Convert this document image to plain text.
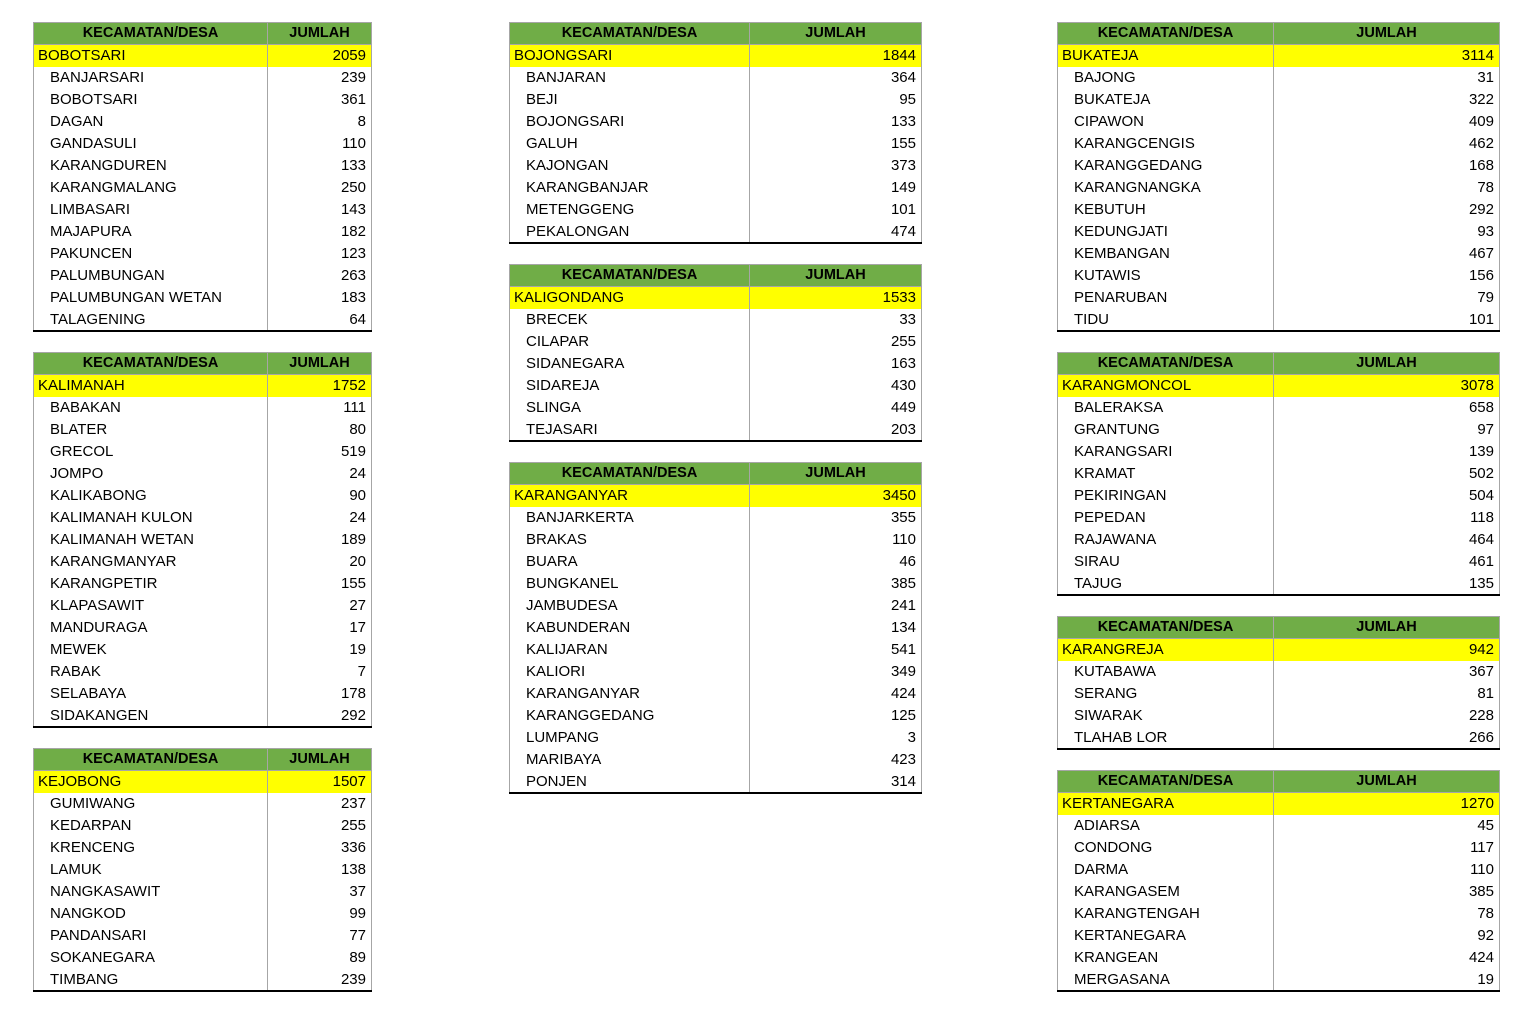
KECAMATAN/DESA	JUMLAH
BOBOTSARI	2059
BANJARSARI	239
BOBOTSARI	361
DAGAN	8
GANDASULI	110
KARANGDUREN	133
KARANGMALANG	250
LIMBASARI	143
MAJAPURA	182
PAKUNCEN	123
PALUMBUNGAN	263
PALUMBUNGAN WETAN	183
TALAGENING	64
KECAMATAN/DESA	JUMLAH
KALIMANAH	1752
BABAKAN	111
BLATER	80
GRECOL	519
JOMPO	24
KALIKABONG	90
KALIMANAH KULON	24
KALIMANAH WETAN	189
KARANGMANYAR	20
KARANGPETIR	155
KLAPASAWIT	27
MANDURAGA	17
MEWEK	19
RABAK	7
SELABAYA	178
SIDAKANGEN	292
KECAMATAN/DESA	JUMLAH
KEJOBONG	1507
GUMIWANG	237
KEDARPAN	255
KRENCENG	336
LAMUK	138
NANGKASAWIT	37
NANGKOD	99
PANDANSARI	77
SOKANEGARA	89
TIMBANG	239
KECAMATAN/DESA	JUMLAH
BOJONGSARI	1844
BANJARAN	364
BEJI	95
BOJONGSARI	133
GALUH	155
KAJONGAN	373
KARANGBANJAR	149
METENGGENG	101
PEKALONGAN	474
KECAMATAN/DESA	JUMLAH
KALIGONDANG	1533
BRECEK	33
CILAPAR	255
SIDANEGARA	163
SIDAREJA	430
SLINGA	449
TEJASARI	203
KECAMATAN/DESA	JUMLAH
KARANGANYAR	3450
BANJARKERTA	355
BRAKAS	110
BUARA	46
BUNGKANEL	385
JAMBUDESA	241
KABUNDERAN	134
KALIJARAN	541
KALIORI	349
KARANGANYAR	424
KARANGGEDANG	125
LUMPANG	3
MARIBAYA	423
PONJEN	314
KECAMATAN/DESA	JUMLAH
BUKATEJA	3114
BAJONG	31
BUKATEJA	322
CIPAWON	409
KARANGCENGIS	462
KARANGGEDANG	168
KARANGNANGKA	78
KEBUTUH	292
KEDUNGJATI	93
KEMBANGAN	467
KUTAWIS	156
PENARUBAN	79
TIDU	101
KECAMATAN/DESA	JUMLAH
KARANGMONCOL	3078
BALERAKSA	658
GRANTUNG	97
KARANGSARI	139
KRAMAT	502
PEKIRINGAN	504
PEPEDAN	118
RAJAWANA	464
SIRAU	461
TAJUG	135
KECAMATAN/DESA	JUMLAH
KARANGREJA	942
KUTABAWA	367
SERANG	81
SIWARAK	228
TLAHAB LOR	266
KECAMATAN/DESA	JUMLAH
KERTANEGARA	1270
ADIARSA	45
CONDONG	117
DARMA	110
KARANGASEM	385
KARANGTENGAH	78
KERTANEGARA	92
KRANGEAN	424
MERGASANA	19
